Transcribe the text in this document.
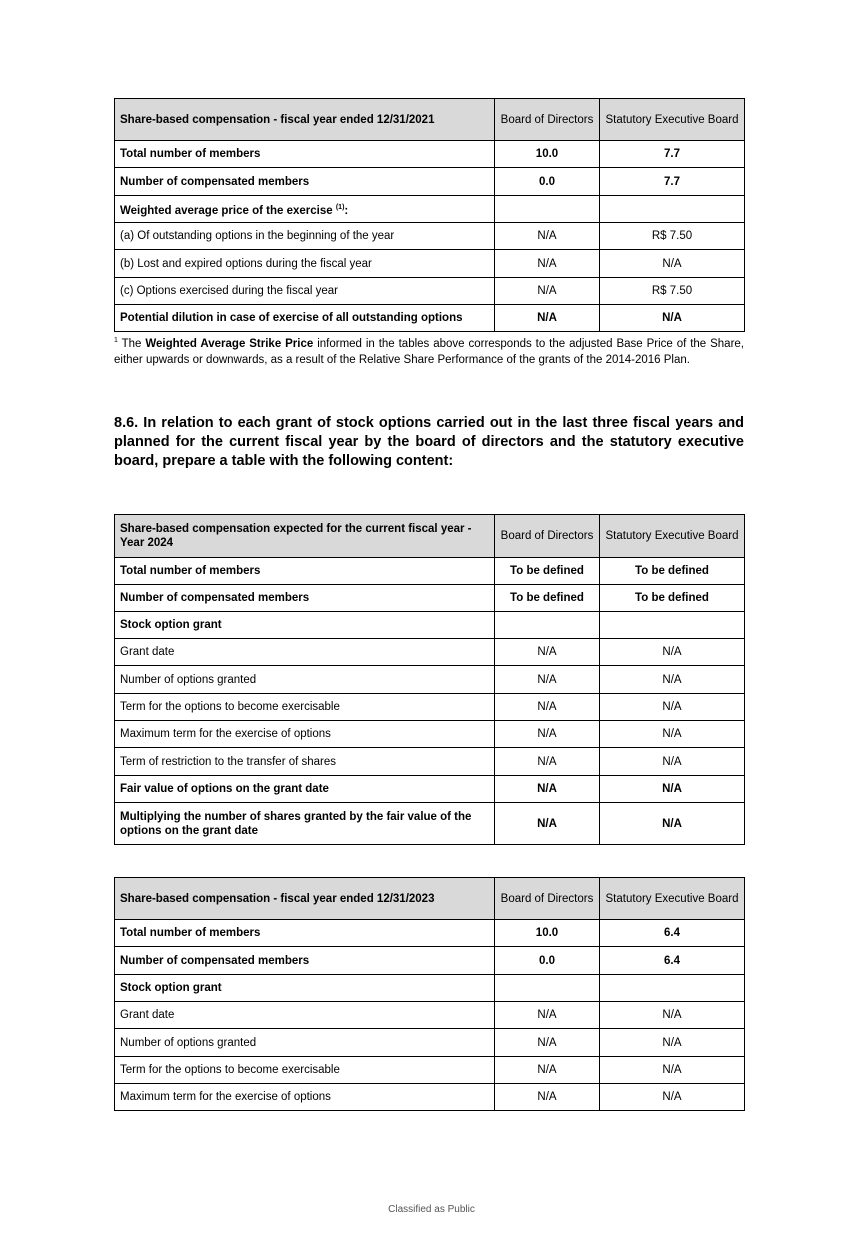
Share-based compensation - fiscal year ended 12/31/2021	Board of Directors	Statutory Executive Board
Total number of members	10.0	7.7
Number of compensated members	0.0	7.7
Weighted average price of the exercise $^{(1)}$:		
(a) Of outstanding options in the beginning of the year	N/A	R$ 7.50
(b) Lost and expired options during the fiscal year	N/A	N/A
(c) Options exercised during the fiscal year	N/A	R$ 7.50
Potential dilution in case of exercise of all outstanding options	N/A	N/A
$^1$ The Weighted Average Strike Price informed in the tables above corresponds to the adjusted Base Price of the Share, either upwards or downwards, as a result of the Relative Share Performance of the grants of the 2014-2016 Plan.
8.6. In relation to each grant of stock options carried out in the last three fiscal years and planned for the current fiscal year by the board of directors and the statutory executive board, prepare a table with the following content:
Share-based compensation expected for the current fiscal year - Year 2024	Board of Directors	Statutory Executive Board
Total number of members	To be defined	To be defined
Number of compensated members	To be defined	To be defined
Stock option grant		
Grant date	N/A	N/A
Number of options granted	N/A	N/A
Term for the options to become exercisable	N/A	N/A
Maximum term for the exercise of options	N/A	N/A
Term of restriction to the transfer of shares	N/A	N/A
Fair value of options on the grant date	N/A	N/A
Multiplying the number of shares granted by the fair value of the options on the grant date	N/A	N/A
Share-based compensation - fiscal year ended 12/31/2023	Board of Directors	Statutory Executive Board
Total number of members	10.0	6.4
Number of compensated members	0.0	6.4
Stock option grant		
Grant date	N/A	N/A
Number of options granted	N/A	N/A
Term for the options to become exercisable	N/A	N/A
Maximum term for the exercise of options	N/A	N/A
Classified as Public
